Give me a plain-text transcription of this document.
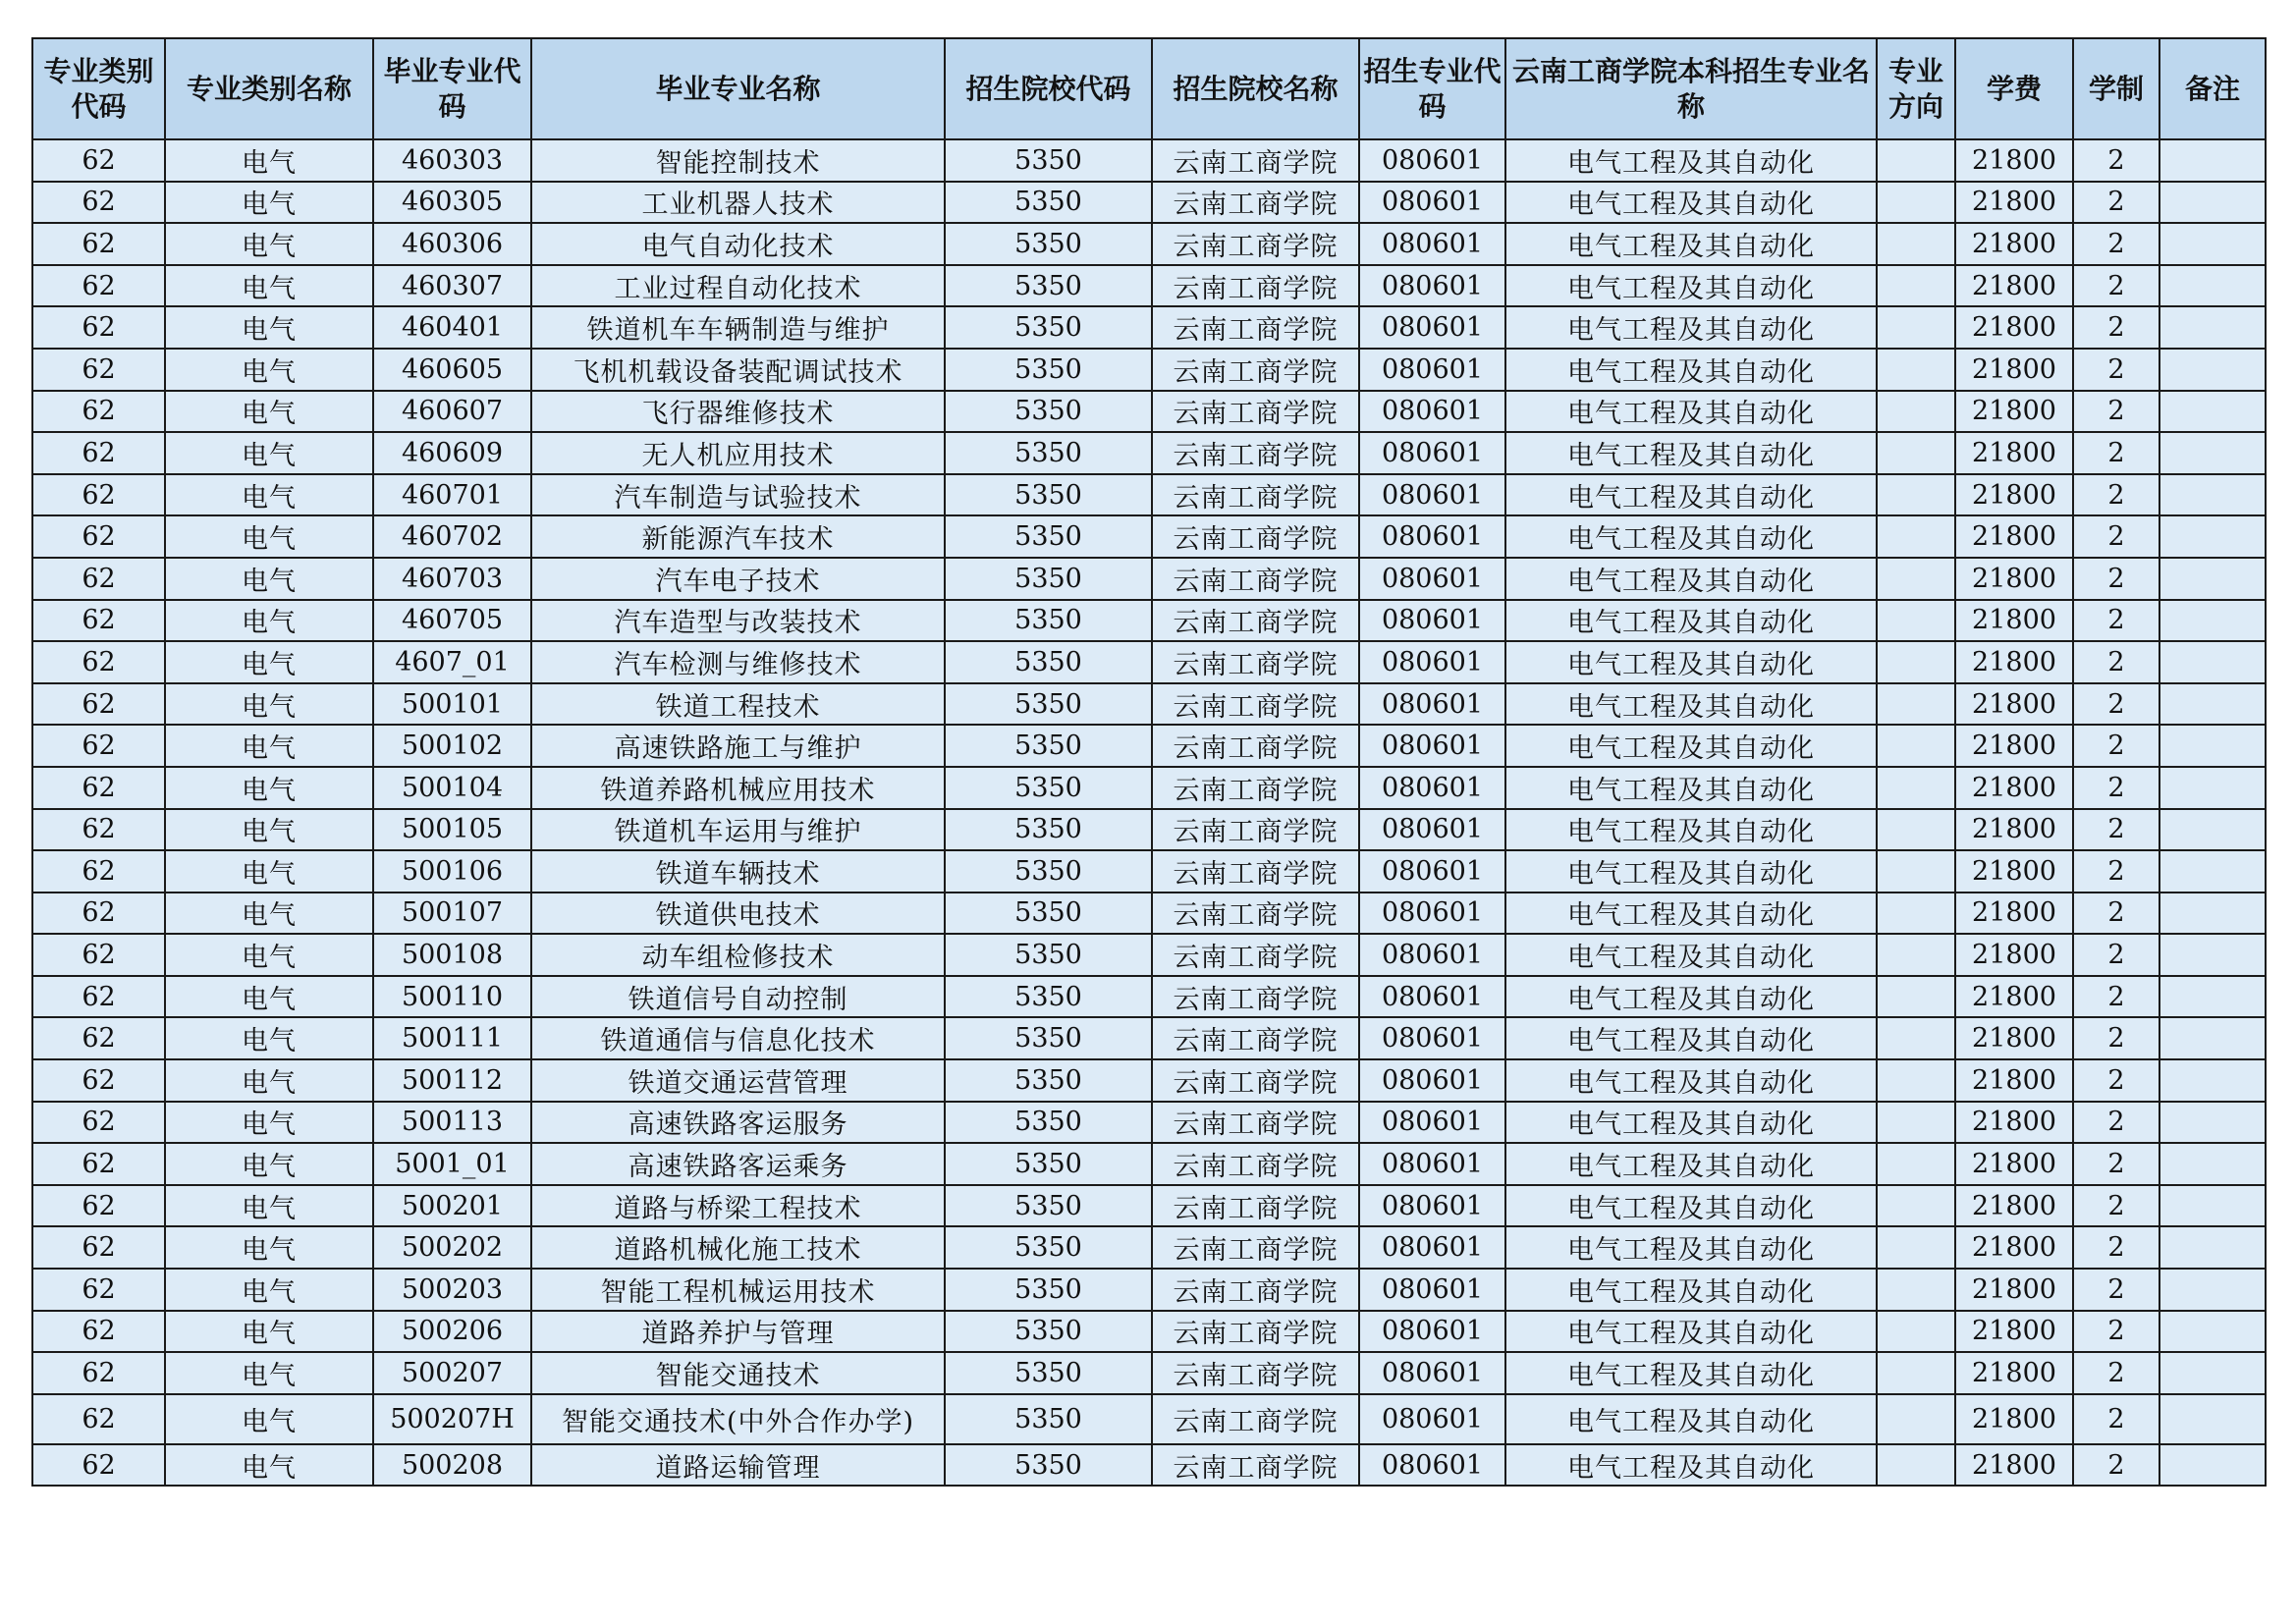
专业类别代码	专业类别名称	毕业专业代码	毕业专业名称	招生院校代码	招生院校名称	招生专业代码	云南工商学院本科招生专业名称	专业方向	学费	学制	备注
62	电气	460303	智能控制技术	5350	云南工商学院	080601	电气工程及其自动化		21800	2	
62	电气	460305	工业机器人技术	5350	云南工商学院	080601	电气工程及其自动化		21800	2	
62	电气	460306	电气自动化技术	5350	云南工商学院	080601	电气工程及其自动化		21800	2	
62	电气	460307	工业过程自动化技术	5350	云南工商学院	080601	电气工程及其自动化		21800	2	
62	电气	460401	铁道机车车辆制造与维护	5350	云南工商学院	080601	电气工程及其自动化		21800	2	
62	电气	460605	飞机机载设备装配调试技术	5350	云南工商学院	080601	电气工程及其自动化		21800	2	
62	电气	460607	飞行器维修技术	5350	云南工商学院	080601	电气工程及其自动化		21800	2	
62	电气	460609	无人机应用技术	5350	云南工商学院	080601	电气工程及其自动化		21800	2	
62	电气	460701	汽车制造与试验技术	5350	云南工商学院	080601	电气工程及其自动化		21800	2	
62	电气	460702	新能源汽车技术	5350	云南工商学院	080601	电气工程及其自动化		21800	2	
62	电气	460703	汽车电子技术	5350	云南工商学院	080601	电气工程及其自动化		21800	2	
62	电气	460705	汽车造型与改装技术	5350	云南工商学院	080601	电气工程及其自动化		21800	2	
62	电气	4607_01	汽车检测与维修技术	5350	云南工商学院	080601	电气工程及其自动化		21800	2	
62	电气	500101	铁道工程技术	5350	云南工商学院	080601	电气工程及其自动化		21800	2	
62	电气	500102	高速铁路施工与维护	5350	云南工商学院	080601	电气工程及其自动化		21800	2	
62	电气	500104	铁道养路机械应用技术	5350	云南工商学院	080601	电气工程及其自动化		21800	2	
62	电气	500105	铁道机车运用与维护	5350	云南工商学院	080601	电气工程及其自动化		21800	2	
62	电气	500106	铁道车辆技术	5350	云南工商学院	080601	电气工程及其自动化		21800	2	
62	电气	500107	铁道供电技术	5350	云南工商学院	080601	电气工程及其自动化		21800	2	
62	电气	500108	动车组检修技术	5350	云南工商学院	080601	电气工程及其自动化		21800	2	
62	电气	500110	铁道信号自动控制	5350	云南工商学院	080601	电气工程及其自动化		21800	2	
62	电气	500111	铁道通信与信息化技术	5350	云南工商学院	080601	电气工程及其自动化		21800	2	
62	电气	500112	铁道交通运营管理	5350	云南工商学院	080601	电气工程及其自动化		21800	2	
62	电气	500113	高速铁路客运服务	5350	云南工商学院	080601	电气工程及其自动化		21800	2	
62	电气	5001_01	高速铁路客运乘务	5350	云南工商学院	080601	电气工程及其自动化		21800	2	
62	电气	500201	道路与桥梁工程技术	5350	云南工商学院	080601	电气工程及其自动化		21800	2	
62	电气	500202	道路机械化施工技术	5350	云南工商学院	080601	电气工程及其自动化		21800	2	
62	电气	500203	智能工程机械运用技术	5350	云南工商学院	080601	电气工程及其自动化		21800	2	
62	电气	500206	道路养护与管理	5350	云南工商学院	080601	电气工程及其自动化		21800	2	
62	电气	500207	智能交通技术	5350	云南工商学院	080601	电气工程及其自动化		21800	2	
62	电气	500207H	智能交通技术(中外合作办学)	5350	云南工商学院	080601	电气工程及其自动化		21800	2	
62	电气	500208	道路运输管理	5350	云南工商学院	080601	电气工程及其自动化		21800	2	
